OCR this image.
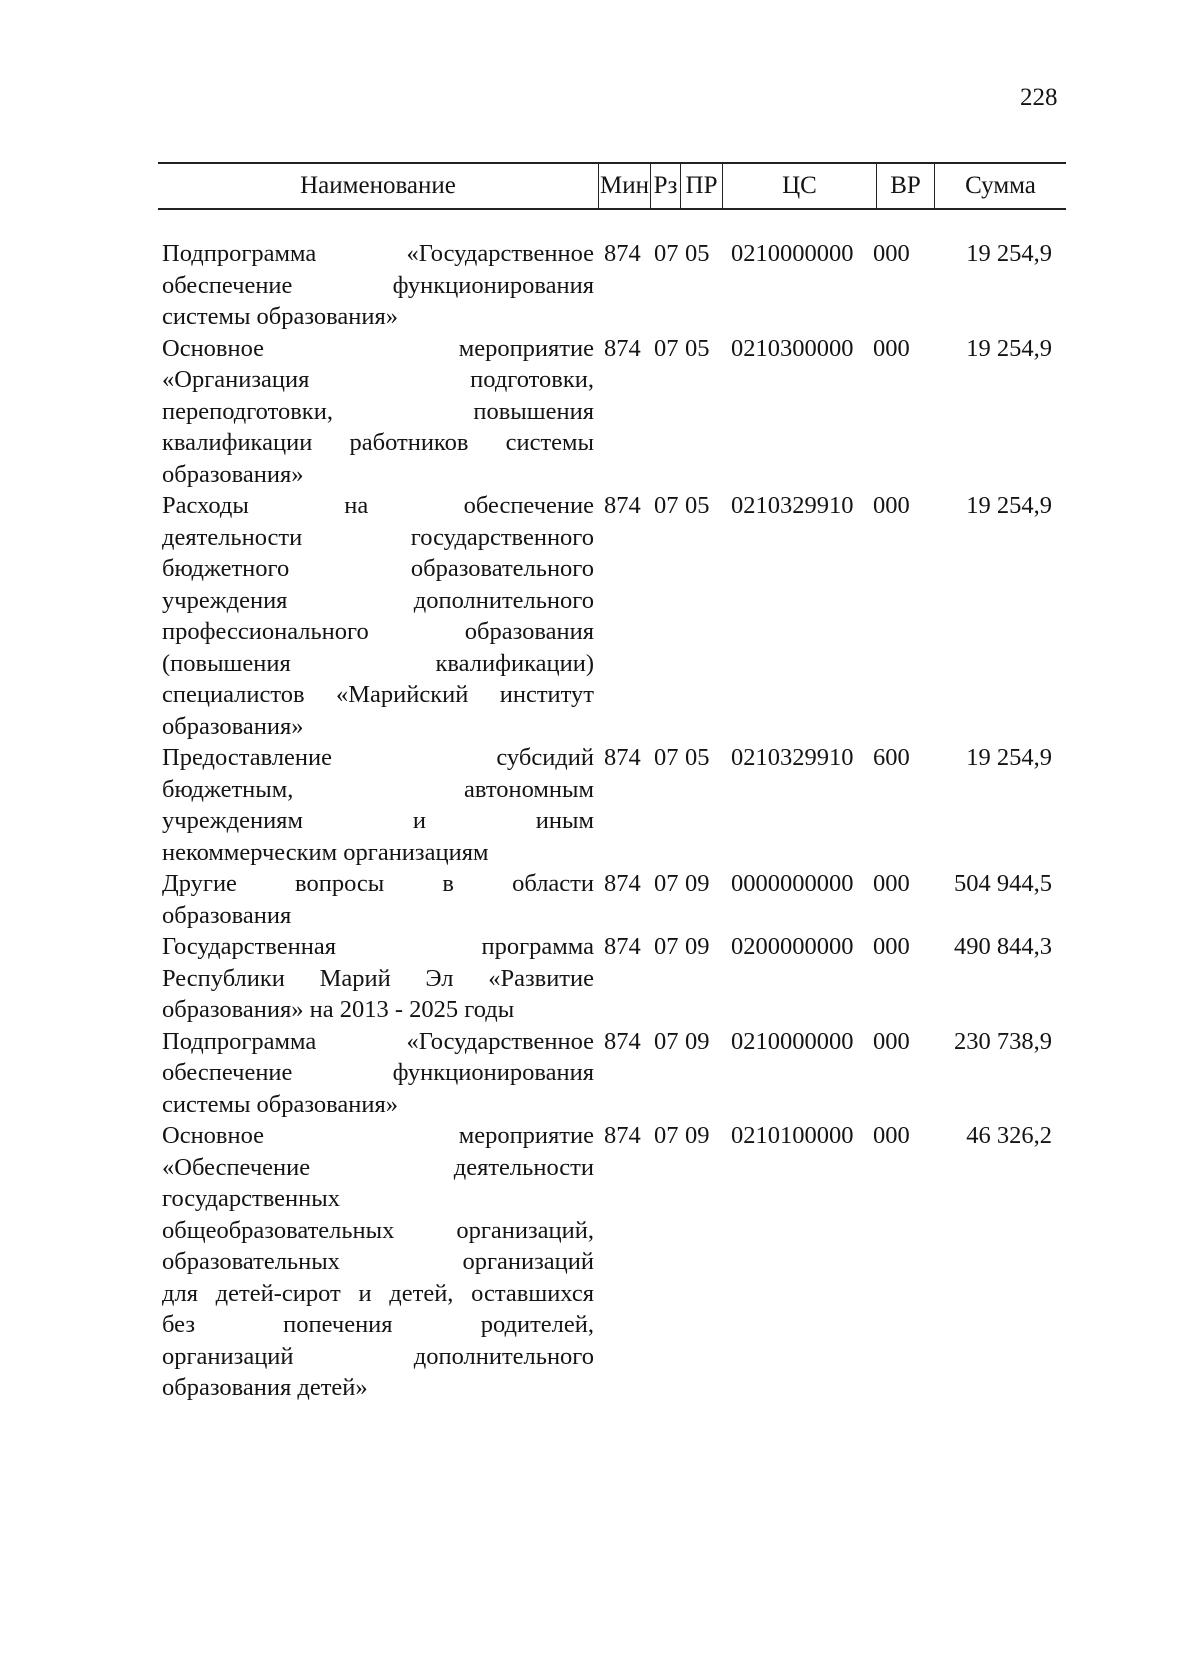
228
Наименование	Мин Рз ПР	ЦС	ВР	Сумма
Подпрограмма «Государственное
обеспечение функционирования
системы образования»
874 07 05 0210000000 000	19 254,9
Основное мероприятие
«Организация подготовки,
переподготовки, повышения
квалификации работников системы
образования»
874 07 05 0210300000 000	19 254,9
Расходы на обеспечение
деятельности государственного
бюджетного образовательного
учреждения дополнительного
профессионального образования
(повышения квалификации)
специалистов «Марийский институт
образования»
874 07 05 0210329910 000	19 254,9
Предоставление субсидий
бюджетным, автономным
учреждениям и иным
некоммерческим организациям
874 07 05 0210329910 600	19 254,9
Другие вопросы в области
образования
874 07 09 0000000000 000	504 944,5
Государственная программа
Республики Марий Эл «Развитие
образования» на 2013 - 2025 годы
874 07 09 0200000000 000	490 844,3
Подпрограмма «Государственное
обеспечение функционирования
системы образования»
874 07 09 0210000000 000	230 738,9
Основное мероприятие
«Обеспечение деятельности
государственных
общеобразовательных организаций,
образовательных организаций
для детей-сирот и детей, оставшихся
без попечения родителей,
организаций дополнительного
образования детей»
874 07 09 0210100000 000	46 326,2
